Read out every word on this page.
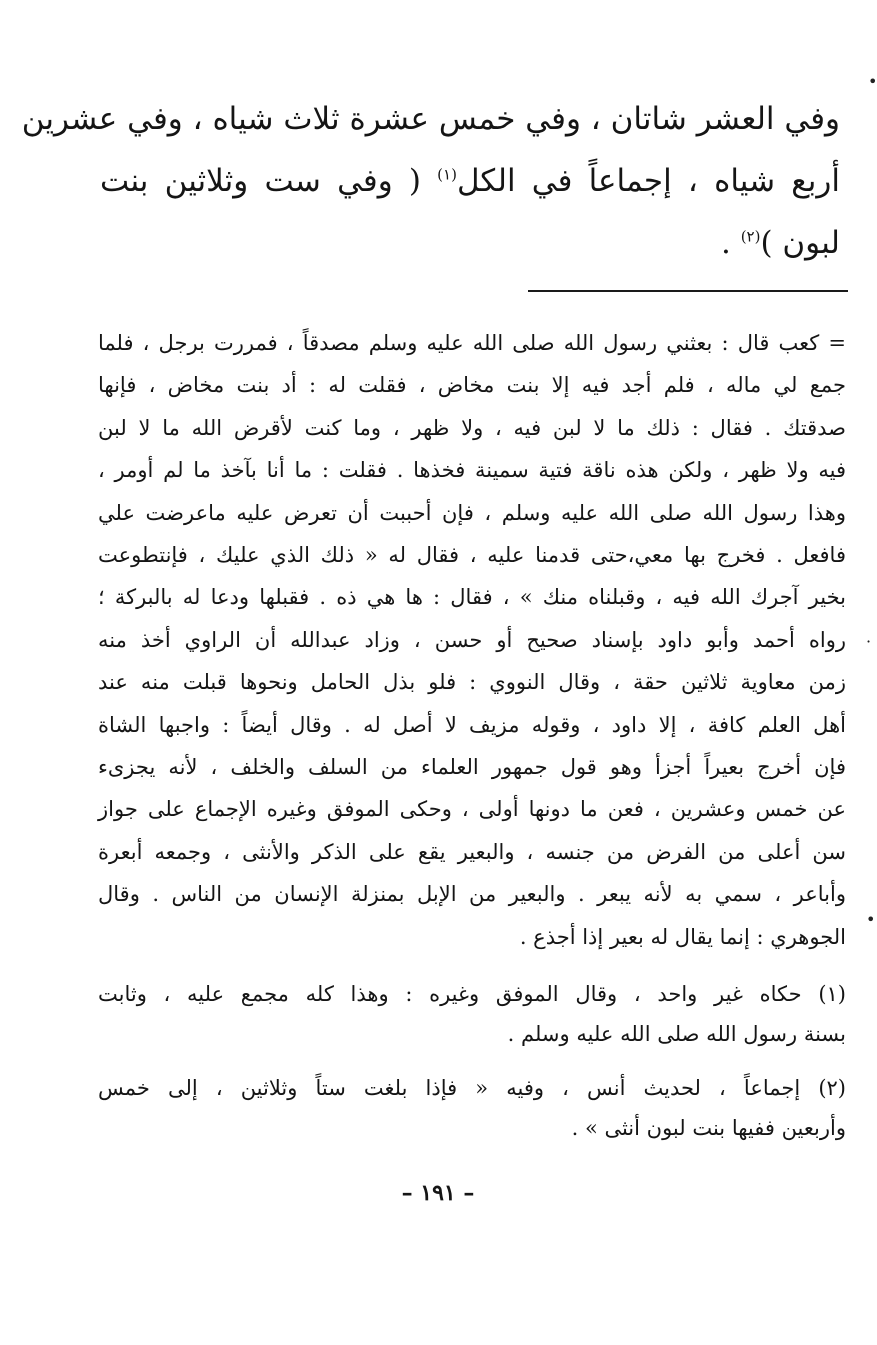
وفي العشر شاتان ، وفي خمس عشرة ثلاث شياه ، وفي عشرين
أربع شياه ، إجماعاً في الكل$^{(١)}$ ( وفي ست وثلاثين بنت
لبون )$^{(٢)}$ .
= كعب قال : بعثني رسول الله صلى الله عليه وسلم مصدقاً ، فمررت برجل ، فلما
جمع لي ماله ، فلم أجد فيه إلا بنت مخاض ، فقلت له : أد بنت مخاض ، فإنها
صدقتك . فقال : ذلك ما لا لبن فيه ، ولا ظهر ، وما كنت لأقرض الله ما لا لبن
فيه ولا ظهر ، ولكن هذه ناقة فتية سمينة فخذها . فقلت : ما أنا بآخذ ما لم أومر ،
وهذا رسول الله صلى الله عليه وسلم ، فإن أحببت أن تعرض عليه ماعرضت علي
فافعل . فخرج بها معي،حتى قدمنا عليه ، فقال له « ذلك الذي عليك ، فإنتطوعت
بخير آجرك الله فيه ، وقبلناه منك » ، فقال : ها هي ذه . فقبلها ودعا له بالبركة ؛
رواه أحمد وأبو داود بإسناد صحيح أو حسن ، وزاد عبدالله أن الراوي أخذ منه
زمن معاوية ثلاثين حقة ، وقال النووي : فلو بذل الحامل ونحوها قبلت منه عند
أهل العلم كافة ، إلا داود ، وقوله مزيف لا أصل له . وقال أيضاً : واجبها الشاة
فإن أخرج بعيراً أجزأ وهو قول جمهور العلماء من السلف والخلف ، لأنه يجزىء
عن خمس وعشرين ، فعن ما دونها أولى ، وحكى الموفق وغيره الإجماع على جواز
سن أعلى من الفرض من جنسه ، والبعير يقع على الذكر والأنثى ، وجمعه أبعرة
وأباعر ، سمي به لأنه يبعر . والبعير من الإبل بمنزلة الإنسان من الناس . وقال
الجوهري : إنما يقال له بعير إذا أجذع .
(١) حكاه غير واحد ، وقال الموفق وغيره : وهذا كله مجمع عليه ، وثابت
بسنة رسول الله صلى الله عليه وسلم .
(٢) إجماعاً ، لحديث أنس ، وفيه « فإذا بلغت ستاً وثلاثين ، إلى خمس
وأربعين ففيها بنت لبون أنثى » .
– ١٩١ –
•
·
•
